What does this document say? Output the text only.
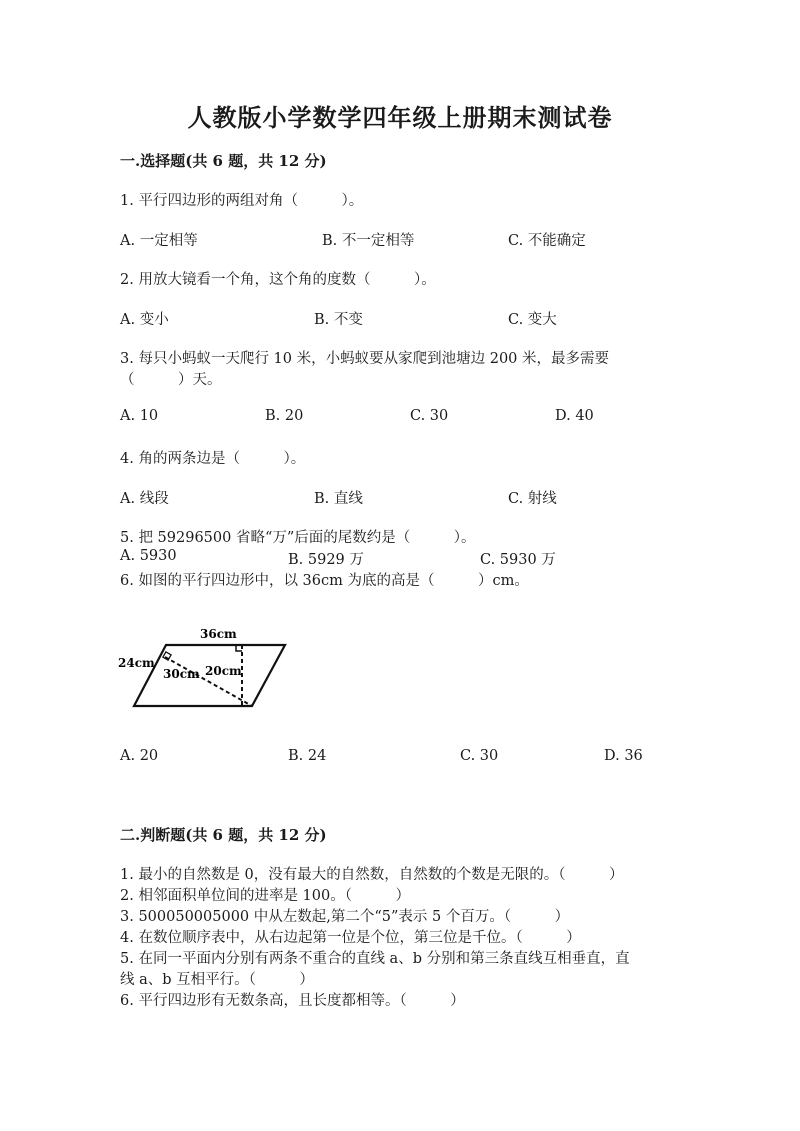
人教版小学数学四年级上册期末测试卷
一.选择题(共 6 题，共 12 分)
1. 平行四边形的两组对角（　　　）。
A. 一定相等	B. 不一定相等	C. 不能确定
2. 用放大镜看一个角，这个角的度数（　　　）。
A. 变小	B. 不变	C. 变大
3. 每只小蚂蚁一天爬行 10 米，小蚂蚁要从家爬到池塘边 200 米，最多需要
（　　　）天。
A. 10	B. 20	C. 30	D. 40
4. 角的两条边是（　　　）。
A. 线段	B. 直线	C. 射线
5. 把 59296500 省略“万”后面的尾数约是（　　　）。
A. 5930	B. 5929 万	C. 5930 万
6. 如图的平行四边形中，以 36cm 为底的高是（　　　）cm。
36cm
24cm
30cm 20cm
A. 20	B. 24	C. 30	D. 36
二.判断题(共 6 题，共 12 分)
1. 最小的自然数是 0，没有最大的自然数，自然数的个数是无限的。（　　　）
2. 相邻面积单位间的进率是 100。（　　　）
3. 500050005000 中从左数起,第二个“5”表示 5 个百万。（　　　）
4. 在数位顺序表中，从右边起第一位是个位，第三位是千位。（　　　）
5. 在同一平面内分别有两条不重合的直线 a、b 分别和第三条直线互相垂直，直
线 a、b 互相平行。（　　　）
6. 平行四边形有无数条高，且长度都相等。（　　　）
